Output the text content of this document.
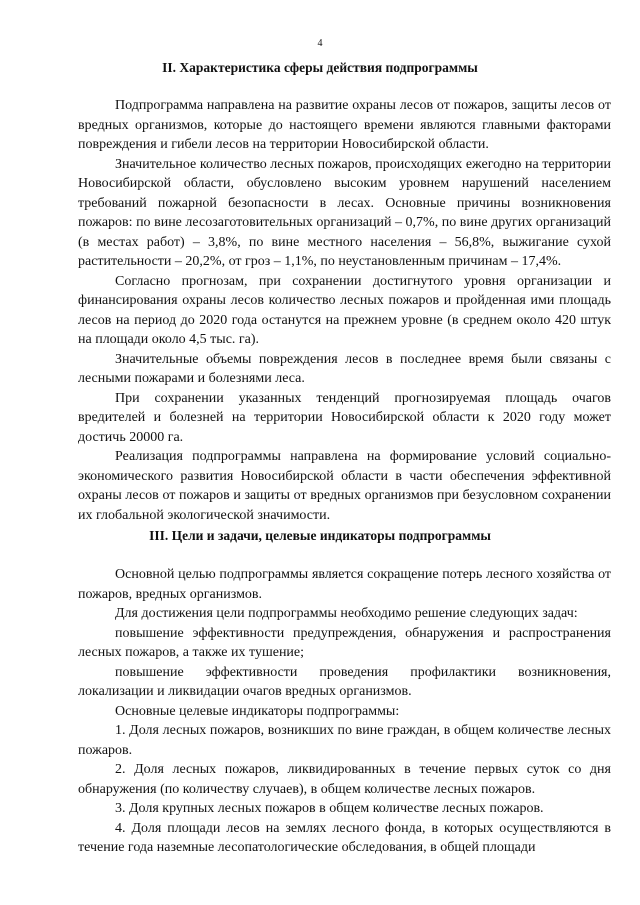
4
II. Характеристика сферы действия подпрограммы

Подпрограмма направлена на развитие охраны лесов от пожаров, защиты лесов от вредных организмов, которые до настоящего времени являются главными факторами повреждения и гибели лесов на территории Новосибирской области.

Значительное количество лесных пожаров, происходящих ежегодно на территории Новосибирской области, обусловлено высоким уровнем нарушений населением требований пожарной безопасности в лесах. Основные причины возникновения пожаров: по вине лесозаготовительных организаций – 0,7%, по вине других организаций (в местах работ) – 3,8%, по вине местного населения – 56,8%, выжигание сухой растительности – 20,2%, от гроз – 1,1%, по неустановленным причинам – 17,4%.

Согласно прогнозам, при сохранении достигнутого уровня организации и финансирования охраны лесов количество лесных пожаров и пройденная ими площадь лесов на период до 2020 года останутся на прежнем уровне (в среднем около 420 штук на площади около 4,5 тыс. га).

Значительные объемы повреждения лесов в последнее время были связаны с лесными пожарами и болезнями леса.

При сохранении указанных тенденций прогнозируемая площадь очагов вредителей и болезней на территории Новосибирской области к 2020 году может достичь 20000 га.

Реализация подпрограммы направлена на формирование условий социально-экономического развития Новосибирской области в части обеспечения эффективной охраны лесов от пожаров и защиты от вредных организмов при безусловном сохранении их глобальной экологической значимости.

III. Цели и задачи, целевые индикаторы подпрограммы

Основной целью подпрограммы является сокращение потерь лесного хозяйства от пожаров, вредных организмов.

Для достижения цели подпрограммы необходимо решение следующих задач:

повышение эффективности предупреждения, обнаружения и распространения лесных пожаров, а также их тушение;

повышение эффективности проведения профилактики возникновения, локализации и ликвидации очагов вредных организмов.

Основные целевые индикаторы подпрограммы:

1. Доля лесных пожаров, возникших по вине граждан, в общем количестве лесных пожаров.

2. Доля лесных пожаров, ликвидированных в течение первых суток со дня обнаружения (по количеству случаев), в общем количестве лесных пожаров.

3. Доля крупных лесных пожаров в общем количестве лесных пожаров.

4. Доля площади лесов на землях лесного фонда, в которых осуществляются в течение года наземные лесопатологические обследования, в общей площади
